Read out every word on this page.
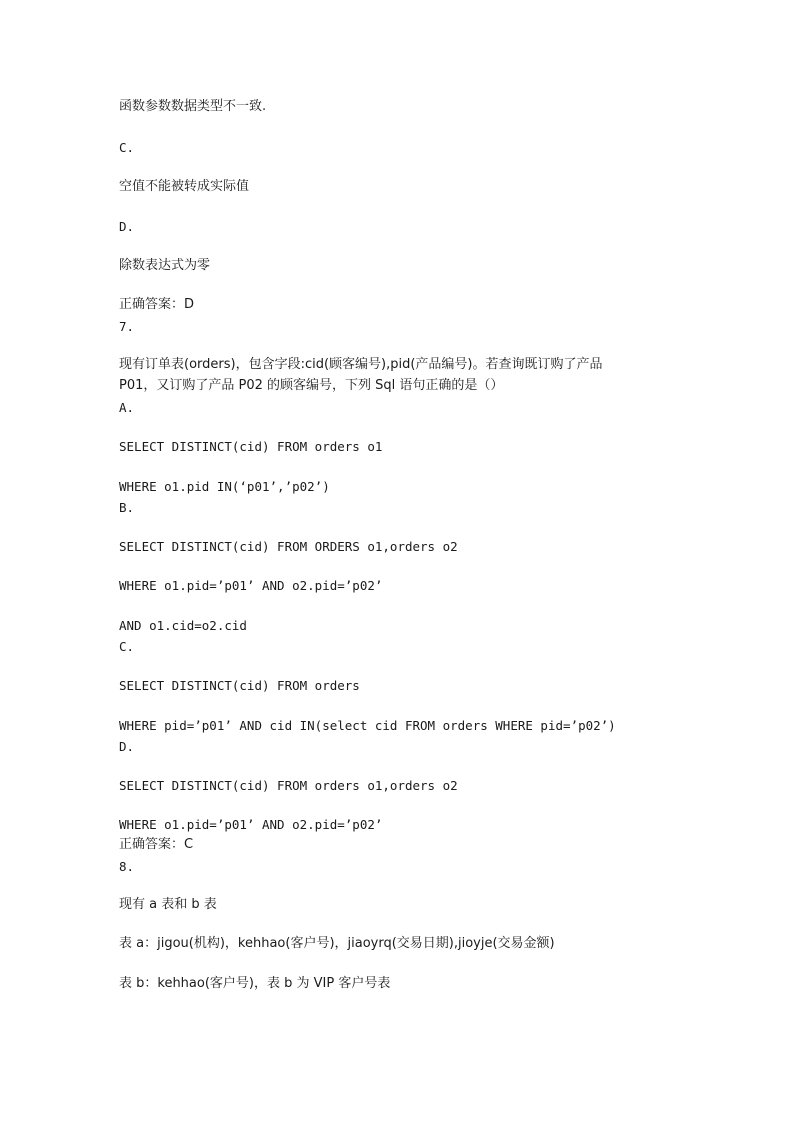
函数参数数据类型不一致.

C.

空值不能被转成实际值

D.

除数表达式为零

正确答案：D

7.

现有订单表(orders)，包含字段:cid(顾客编号),pid(产品编号)。若查询既订购了产品

P01，又订购了产品 P02 的顾客编号，下列 Sql 语句正确的是（）

A.

SELECT DISTINCT(cid) FROM orders o1

WHERE o1.pid IN(‘p01’,’p02’)

B.

SELECT DISTINCT(cid) FROM ORDERS o1,orders o2

WHERE o1.pid=’p01’ AND o2.pid=’p02’

AND o1.cid=o2.cid

C.

SELECT DISTINCT(cid) FROM orders

WHERE pid=’p01’ AND cid IN(select cid FROM orders WHERE pid=’p02’)

D.

SELECT DISTINCT(cid) FROM orders o1,orders o2

WHERE o1.pid=’p01’ AND o2.pid=’p02’

正确答案：C

8.

现有 a 表和 b 表

表 a：jigou(机构)，kehhao(客户号)，jiaoyrq(交易日期),jioyje(交易金额)

表 b：kehhao(客户号)，表 b 为 VIP 客户号表
